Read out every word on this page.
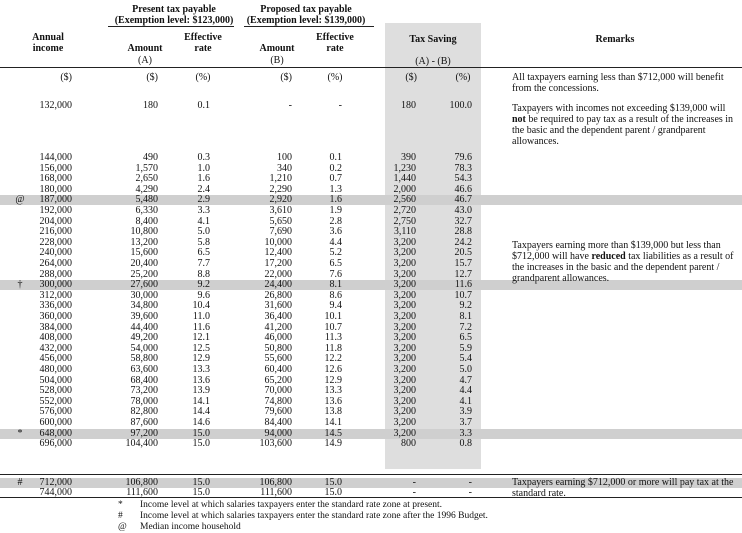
Present tax payable
(Exemption level: $123,000)
Proposed tax payable
(Exemption level: $139,000)
Annual income	Amount
Effective rate	Amount
Effective rate
Tax Saving	Remarks
(A)	(B)	(A) - (B)
($)	($)	(%)	($)	(%)	($)	(%)
132,000	180	0.1	-	-	180	100.0
144,000	490	0.3	100	0.1	390	79.6
156,000	1,570	1.0	340	0.2	1,230	78.3
168,000	2,650	1.6	1,210	0.7	1,440	54.3
180,000	4,290	2.4	2,290	1.3	2,000	46.6
@	187,000	5,480	2.9	2,920	1.6	2,560	46.7
192,000	6,330	3.3	3,610	1.9	2,720	43.0
204,000	8,400	4.1	5,650	2.8	2,750	32.7
216,000	10,800	5.0	7,690	3.6	3,110	28.8
228,000	13,200	5.8	10,000	4.4	3,200	24.2
240,000	15,600	6.5	12,400	5.2	3,200	20.5
264,000	20,400	7.7	17,200	6.5	3,200	15.7
288,000	25,200	8.8	22,000	7.6	3,200	12.7
†	300,000	27,600	9.2	24,400	8.1	3,200	11.6
312,000	30,000	9.6	26,800	8.6	3,200	10.7
336,000	34,800	10.4	31,600	9.4	3,200	9.2
360,000	39,600	11.0	36,400	10.1	3,200	8.1
384,000	44,400	11.6	41,200	10.7	3,200	7.2
408,000	49,200	12.1	46,000	11.3	3,200	6.5
432,000	54,000	12.5	50,800	11.8	3,200	5.9
456,000	58,800	12.9	55,600	12.2	3,200	5.4
480,000	63,600	13.3	60,400	12.6	3,200	5.0
504,000	68,400	13.6	65,200	12.9	3,200	4.7
528,000	73,200	13.9	70,000	13.3	3,200	4.4
552,000	78,000	14.1	74,800	13.6	3,200	4.1
576,000	82,800	14.4	79,600	13.8	3,200	3.9
600,000	87,600	14.6	84,400	14.1	3,200	3.7
*	648,000	97,200	15.0	94,000	14.5	3,200	3.3
696,000	104,400	15.0	103,600	14.9	800	0.8
#	712,000	106,800	15.0	106,800	15.0	-	-
744,000	111,600	15.0	111,600	15.0	-	-
All taxpayers earning less than $712,000 will benefit from the concessions.
Taxpayers with incomes not exceeding $139,000 will not be required to pay tax as a result of the increases in the basic and the dependent parent / grandparent allowances.
Taxpayers earning more than $139,000 but less than $712,000 will have reduced tax liabilities as a result of the increases in the basic and the dependent parent / grandparent allowances.
Taxpayers earning $712,000 or more will pay tax at the standard rate.
* Income level at which salaries taxpayers enter the standard rate zone at present.
# Income level at which salaries taxpayers enter the standard rate zone after the 1996 Budget.
@ Median income household
